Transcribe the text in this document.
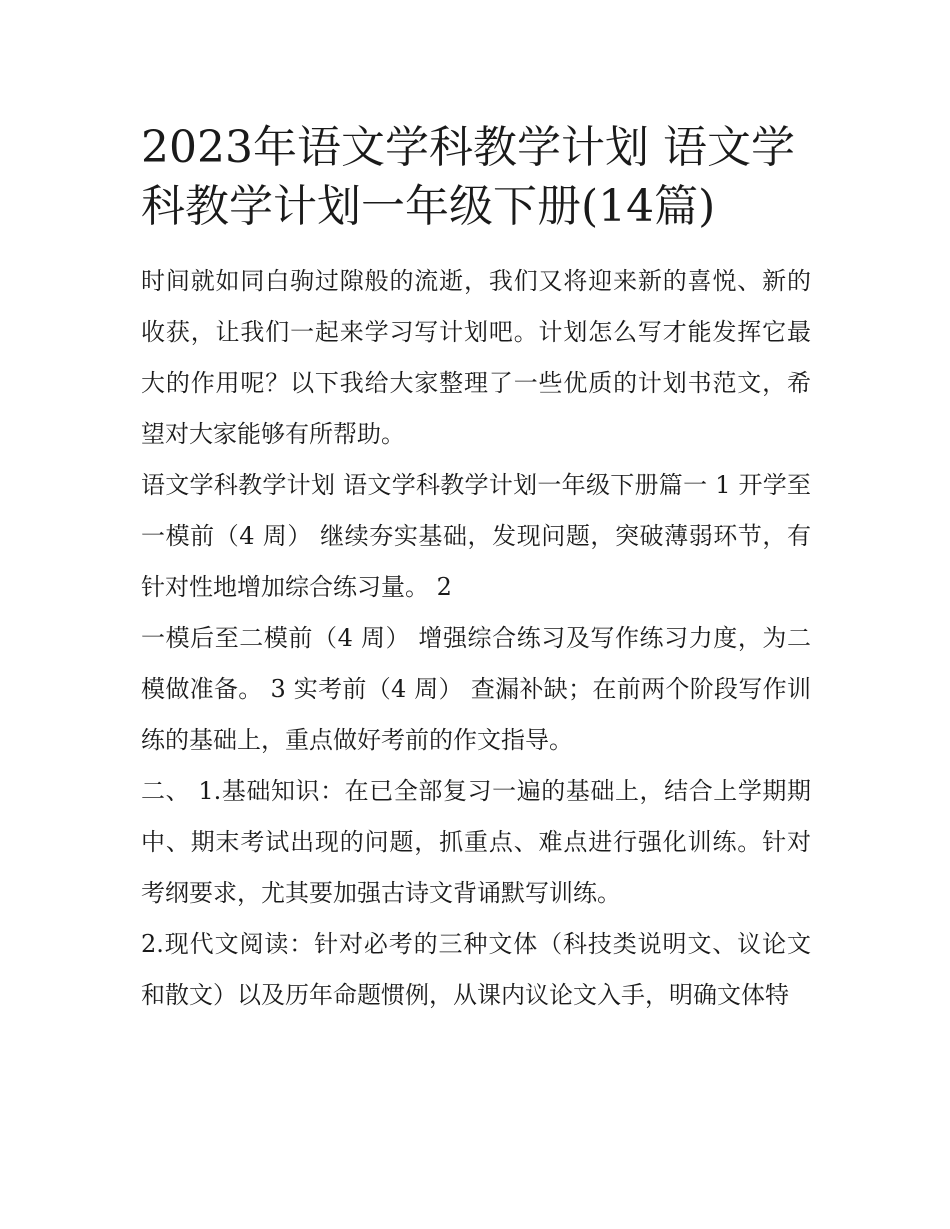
2023年语文学科教学计划 语文学科教学计划一年级下册(14篇)

时间就如同白驹过隙般的流逝，我们又将迎来新的喜悦、新的收获，让我们一起来学习写计划吧。计划怎么写才能发挥它最大的作用呢？以下我给大家整理了一些优质的计划书范文，希望对大家能够有所帮助。

语文学科教学计划 语文学科教学计划一年级下册篇一 1 开学至一模前（4 周） 继续夯实基础，发现问题，突破薄弱环节，有针对性地增加综合练习量。 2

一模后至二模前（4 周） 增强综合练习及写作练习力度，为二模做准备。 3 实考前（4 周） 查漏补缺；在前两个阶段写作训练的基础上，重点做好考前的作文指导。

二、 1.基础知识：在已全部复习一遍的基础上，结合上学期期中、期末考试出现的问题，抓重点、难点进行强化训练。针对考纲要求，尤其要加强古诗文背诵默写训练。

2.现代文阅读：针对必考的三种文体（科技类说明文、议论文和散文）以及历年命题惯例，从课内议论文入手，明确文体特
